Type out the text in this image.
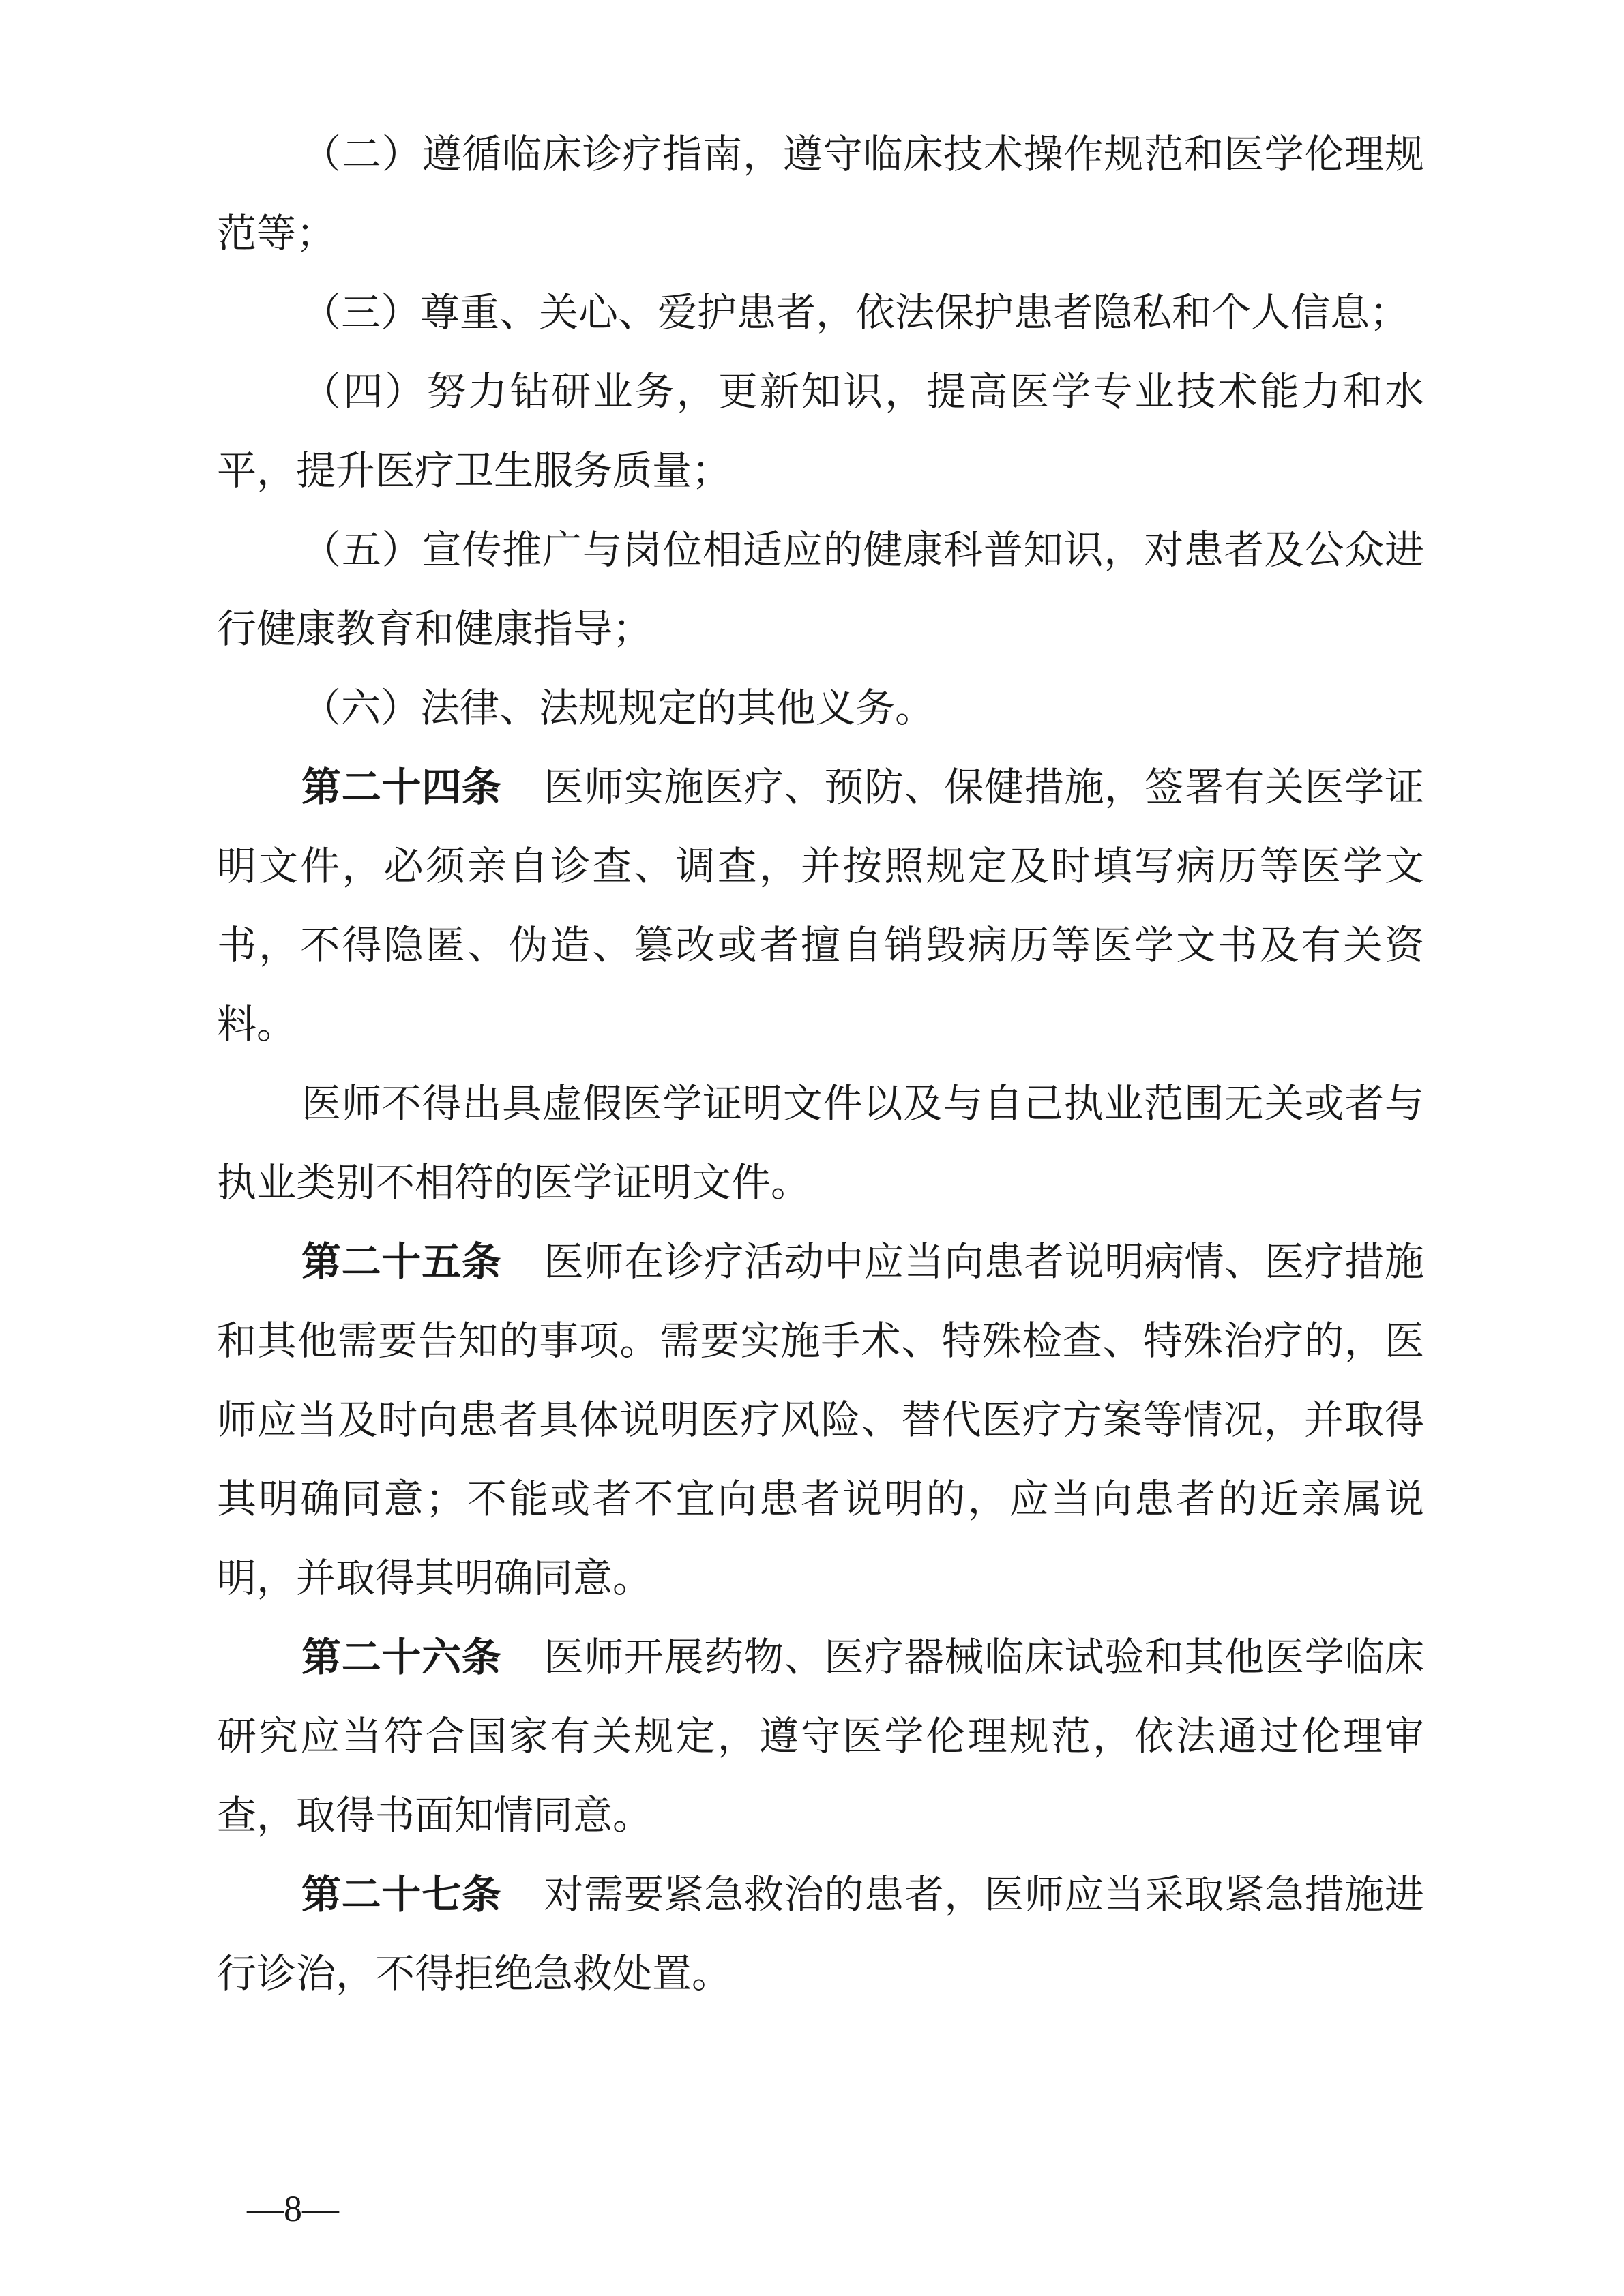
（二）遵循临床诊疗指南，遵守临床技术操作规范和医学伦理规范等；

（三）尊重、关心、爱护患者，依法保护患者隐私和个人信息；

（四）努力钻研业务，更新知识，提高医学专业技术能力和水平，提升医疗卫生服务质量；

（五）宣传推广与岗位相适应的健康科普知识，对患者及公众进行健康教育和健康指导；

（六）法律、法规规定的其他义务。

第二十四条 医师实施医疗、预防、保健措施，签署有关医学证明文件，必须亲自诊查、调查，并按照规定及时填写病历等医学文书，不得隐匿、伪造、篡改或者擅自销毁病历等医学文书及有关资料。

医师不得出具虚假医学证明文件以及与自己执业范围无关或者与执业类别不相符的医学证明文件。

第二十五条 医师在诊疗活动中应当向患者说明病情、医疗措施和其他需要告知的事项。需要实施手术、特殊检查、特殊治疗的，医师应当及时向患者具体说明医疗风险、替代医疗方案等情况，并取得其明确同意；不能或者不宜向患者说明的，应当向患者的近亲属说明，并取得其明确同意。

第二十六条 医师开展药物、医疗器械临床试验和其他医学临床研究应当符合国家有关规定，遵守医学伦理规范，依法通过伦理审查，取得书面知情同意。

第二十七条 对需要紧急救治的患者，医师应当采取紧急措施进行诊治，不得拒绝急救处置。

—8—
